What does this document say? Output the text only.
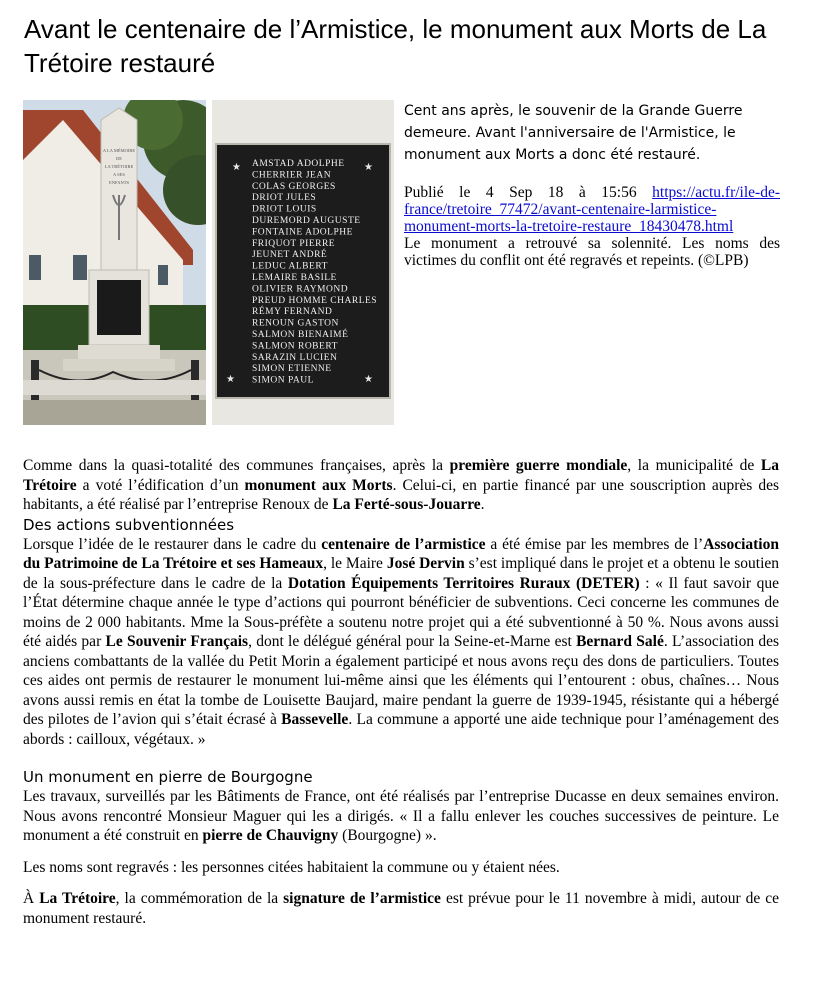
Avant le centenaire de l’Armistice, le monument aux Morts de La Trétoire restauré
A LA MÉMOIRE
DE
LA TRÉTOIRE
A SES
ENFANTS
★	★
★	★
AMSTAD ADOLPHE
CHERRIER JEAN
COLAS GEORGES
DRIOT JULES
DRIOT LOUIS
DUREMORD AUGUSTE
FONTAINE ADOLPHE
FRIQUOT PIERRE
JEUNET ANDRÉ
LEDUC ALBERT
LEMAIRE BASILE
OLIVIER RAYMOND
PREUD HOMME CHARLES
RÉMY FERNAND
RENOUN GASTON
SALMON BIENAIMÉ
SALMON ROBERT
SARAZIN LUCIEN
SIMON ETIENNE
SIMON PAUL

Cent ans après, le souvenir de la Grande Guerre demeure. Avant l'anniversaire de l'Armistice, le monument aux Morts a donc été restauré.

Publié le 4 Sep 18 à 15:56 https://actu.fr/ile-de-france/tretoire_77472/avant-centenaire-larmistice-monument-morts-la-tretoire-restaure_18430478.html
Le monument a retrouvé sa solennité. Les noms des victimes du conflit ont été regravés et repeints. (©LPB)

Comme dans la quasi-totalité des communes françaises, après la première guerre mondiale, la municipalité de La Trétoire a voté l’édification d’un monument aux Morts. Celui-ci, en partie financé par une souscription auprès des habitants, a été réalisé par l’entreprise Renoux de La Ferté-sous-Jouarre.

Des actions subventionnées

Lorsque l’idée de le restaurer dans le cadre du centenaire de l’armistice a été émise par les membres de l’Association du Patrimoine de La Trétoire et ses Hameaux, le Maire José Dervin s’est impliqué dans le projet et a obtenu le soutien de la sous-préfecture dans le cadre de la Dotation Équipements Territoires Ruraux (DETER) : « Il faut savoir que l’État détermine chaque année le type d’actions qui pourront bénéficier de subventions. Ceci concerne les communes de moins de 2 000 habitants. Mme la Sous-préfète a soutenu notre projet qui a été subventionné à 50 %. Nous avons aussi été aidés par Le Souvenir Français, dont le délégué général pour la Seine-et-Marne est Bernard Salé. L’association des anciens combattants de la vallée du Petit Morin a également participé et nous avons reçu des dons de particuliers. Toutes ces aides ont permis de restaurer le monument lui-même ainsi que les éléments qui l’entourent : obus, chaînes… Nous avons aussi remis en état la tombe de Louisette Baujard, maire pendant la guerre de 1939-1945, résistante qui a hébergé des pilotes de l’avion qui s’était écrasé à Bassevelle. La commune a apporté une aide technique pour l’aménagement des abords : cailloux, végétaux. »

Un monument en pierre de Bourgogne

Les travaux, surveillés par les Bâtiments de France, ont été réalisés par l’entreprise Ducasse en deux semaines environ. Nous avons rencontré Monsieur Maguer qui les a dirigés. « Il a fallu enlever les couches successives de peinture. Le monument a été construit en pierre de Chauvigny (Bourgogne) ».

Les noms sont regravés : les personnes citées habitaient la commune ou y étaient nées.

À La Trétoire, la commémoration de la signature de l’armistice est prévue pour le 11 novembre à midi, autour de ce monument restauré.
